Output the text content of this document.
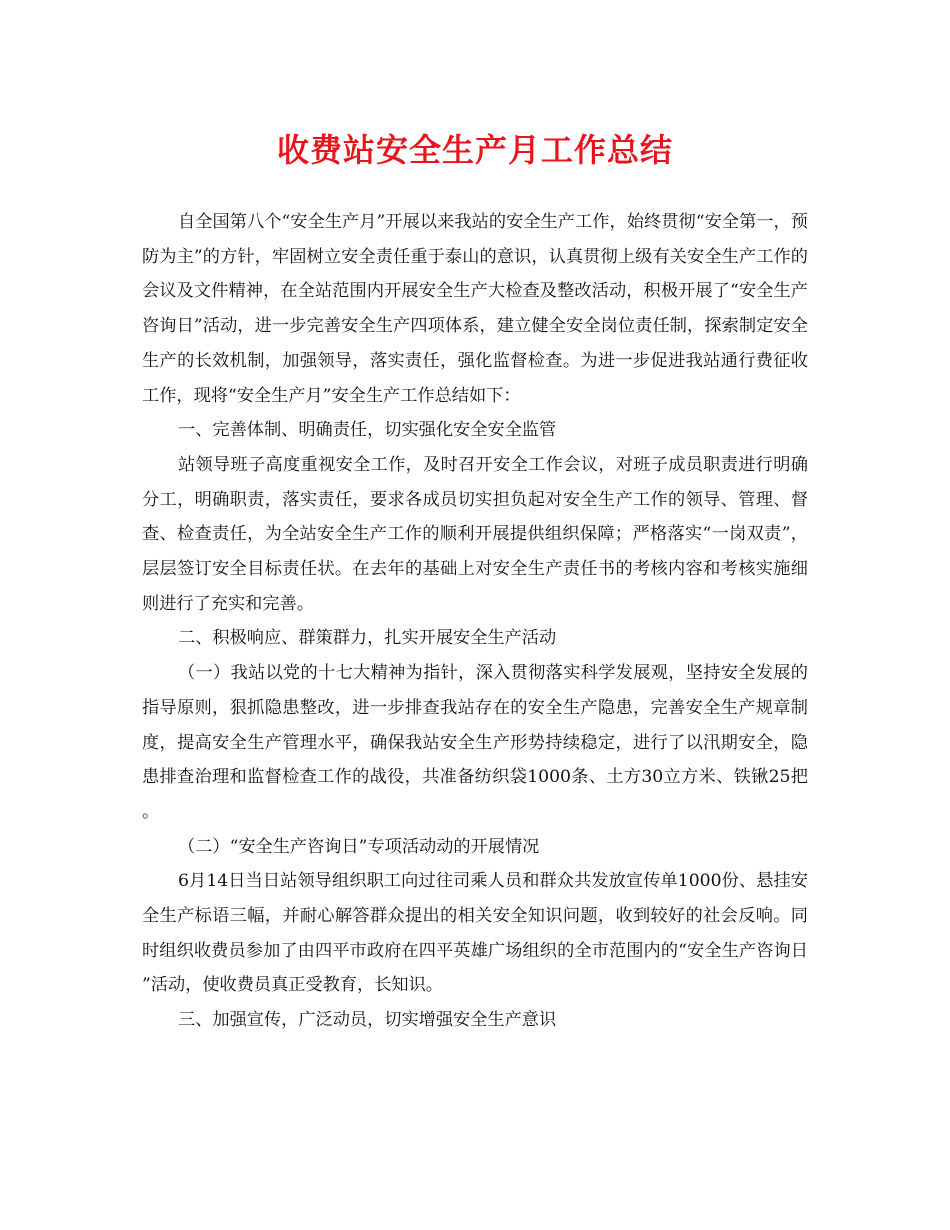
收费站安全生产月工作总结

自全国第八个“安全生产月”开展以来我站的安全生产工作，始终贯彻“安全第一，预防为主”的方针，牢固树立安全责任重于泰山的意识，认真贯彻上级有关安全生产工作的会议及文件精神，在全站范围内开展安全生产大检查及整改活动，积极开展了“安全生产咨询日”活动，进一步完善安全生产四项体系，建立健全安全岗位责任制，探索制定安全生产的长效机制，加强领导，落实责任，强化监督检查。为进一步促进我站通行费征收工作，现将“安全生产月”安全生产工作总结如下：

一、完善体制、明确责任，切实强化安全安全监管

站领导班子高度重视安全工作，及时召开安全工作会议，对班子成员职责进行明确分工，明确职责，落实责任，要求各成员切实担负起对安全生产工作的领导、管理、督查、检查责任，为全站安全生产工作的顺利开展提供组织保障；严格落实“一岗双责”，层层签订安全目标责任状。在去年的基础上对安全生产责任书的考核内容和考核实施细则进行了充实和完善。

二、积极响应、群策群力，扎实开展安全生产活动

（一）我站以党的十七大精神为指针，深入贯彻落实科学发展观，坚持安全发展的指导原则，狠抓隐患整改，进一步排查我站存在的安全生产隐患，完善安全生产规章制度，提高安全生产管理水平，确保我站安全生产形势持续稳定，进行了以汛期安全，隐患排查治理和监督检查工作的战役，共准备纺织袋1000条、土方30立方米、铁锹25把。

（二）“安全生产咨询日”专项活动动的开展情况

6月14日当日站领导组织职工向过往司乘人员和群众共发放宣传单1000份、悬挂安全生产标语三幅，并耐心解答群众提出的相关安全知识问题，收到较好的社会反响。同时组织收费员参加了由四平市政府在四平英雄广场组织的全市范围内的“安全生产咨询日”活动，使收费员真正受教育，长知识。

三、加强宣传，广泛动员，切实增强安全生产意识
